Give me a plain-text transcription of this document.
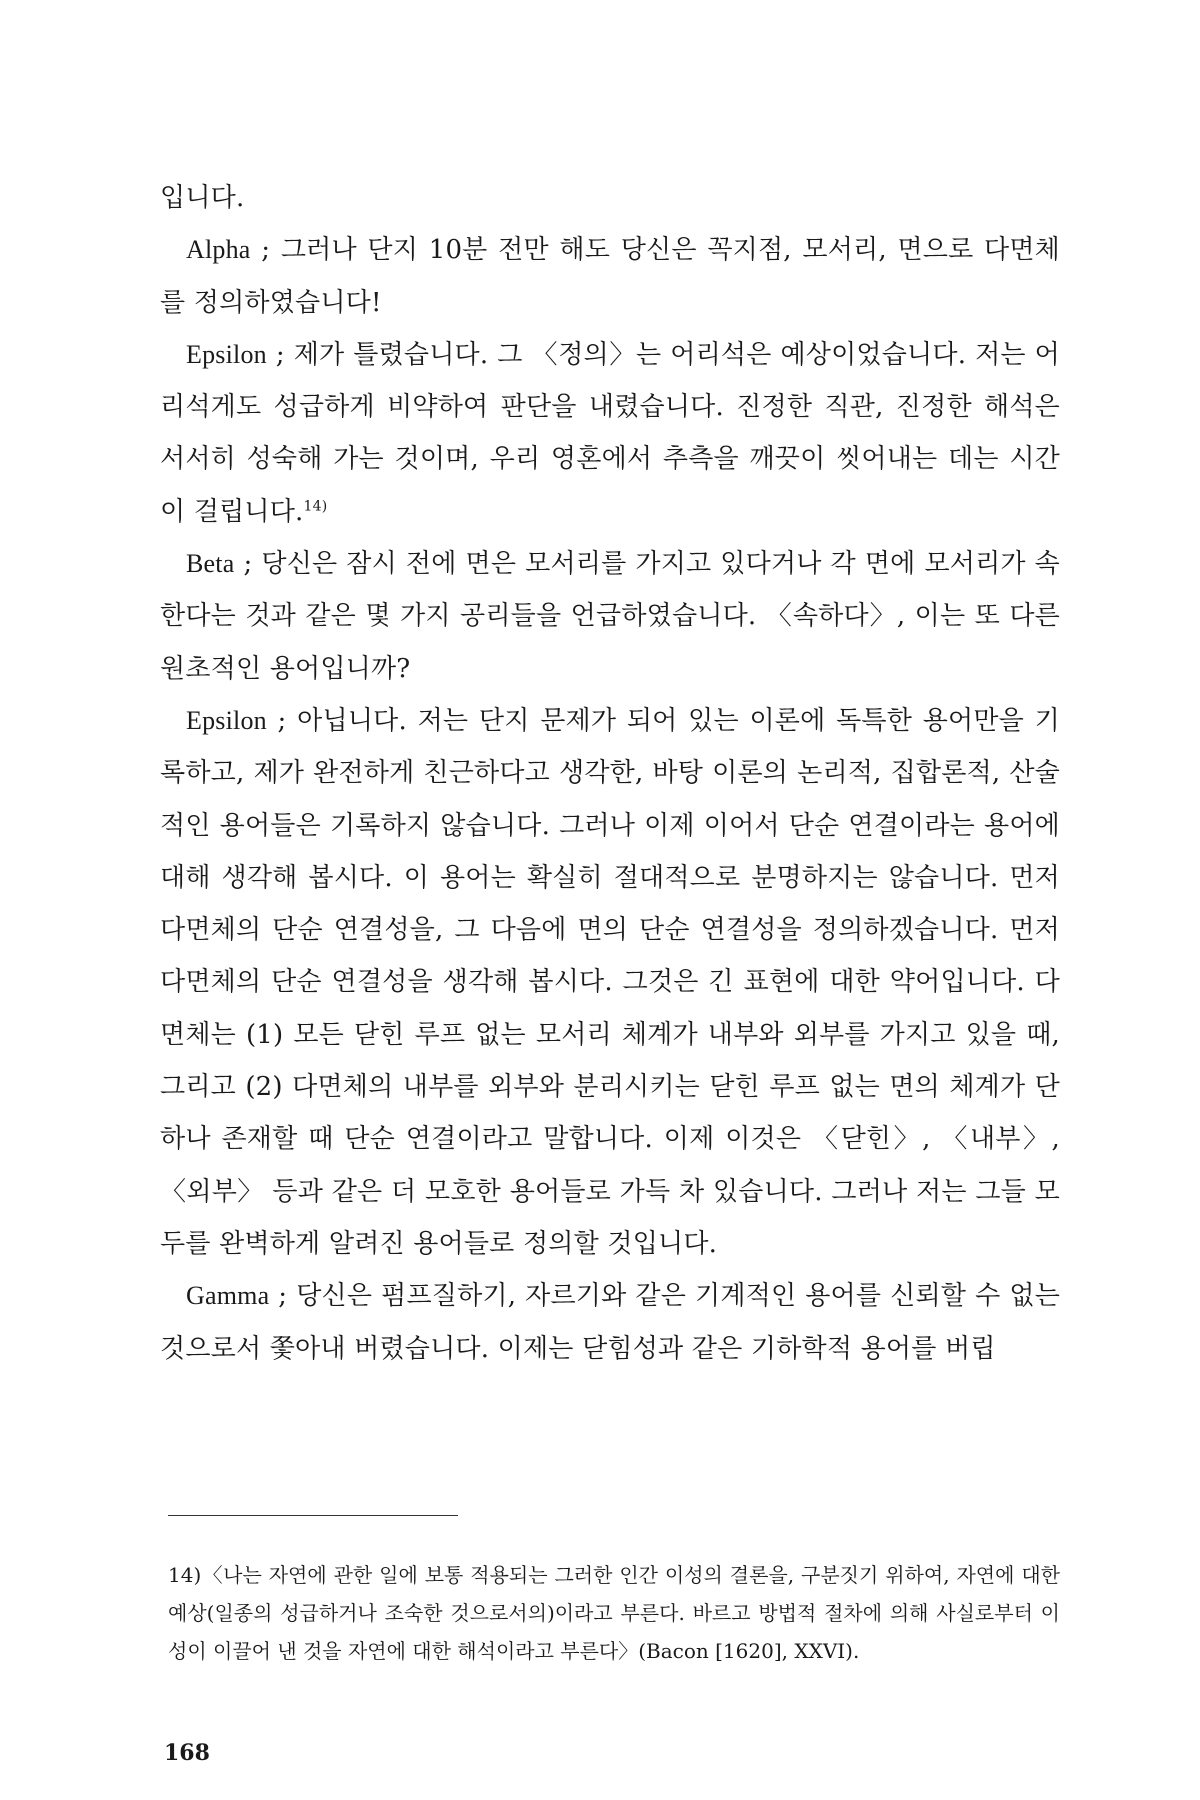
입니다.

Alpha ; 그러나 단지 10분 전만 해도 당신은 꼭지점, 모서리, 면으로 다면체를 정의하였습니다!

Epsilon ; 제가 틀렸습니다. 그 〈정의〉는 어리석은 예상이었습니다. 저는 어리석게도 성급하게 비약하여 판단을 내렸습니다. 진정한 직관, 진정한 해석은 서서히 성숙해 가는 것이며, 우리 영혼에서 추측을 깨끗이 씻어내는 데는 시간이 걸립니다.$^{14)}$

Beta ; 당신은 잠시 전에 면은 모서리를 가지고 있다거나 각 면에 모서리가 속한다는 것과 같은 몇 가지 공리들을 언급하였습니다. 〈속하다〉, 이는 또 다른 원초적인 용어입니까?

Epsilon ; 아닙니다. 저는 단지 문제가 되어 있는 이론에 독특한 용어만을 기록하고, 제가 완전하게 친근하다고 생각한, 바탕 이론의 논리적, 집합론적, 산술적인 용어들은 기록하지 않습니다. 그러나 이제 이어서 단순 연결이라는 용어에 대해 생각해 봅시다. 이 용어는 확실히 절대적으로 분명하지는 않습니다. 먼저 다면체의 단순 연결성을, 그 다음에 면의 단순 연결성을 정의하겠습니다. 먼저 다면체의 단순 연결성을 생각해 봅시다. 그것은 긴 표현에 대한 약어입니다. 다면체는 (1) 모든 닫힌 루프 없는 모서리 체계가 내부와 외부를 가지고 있을 때, 그리고 (2) 다면체의 내부를 외부와 분리시키는 닫힌 루프 없는 면의 체계가 단 하나 존재할 때 단순 연결이라고 말합니다. 이제 이것은 〈닫힌〉, 〈내부〉, 〈외부〉 등과 같은 더 모호한 용어들로 가득 차 있습니다. 그러나 저는 그들 모두를 완벽하게 알려진 용어들로 정의할 것입니다.

Gamma ; 당신은 펌프질하기, 자르기와 같은 기계적인 용어를 신뢰할 수 없는 것으로서 쫓아내 버렸습니다. 이제는 닫힘성과 같은 기하학적 용어를 버립

14)〈나는 자연에 관한 일에 보통 적용되는 그러한 인간 이성의 결론을, 구분짓기 위하여, 자연에 대한 예상(일종의 성급하거나 조숙한 것으로서의)이라고 부른다. 바르고 방법적 절차에 의해 사실로부터 이성이 이끌어 낸 것을 자연에 대한 해석이라고 부른다〉(Bacon [1620], XXVI).
168
